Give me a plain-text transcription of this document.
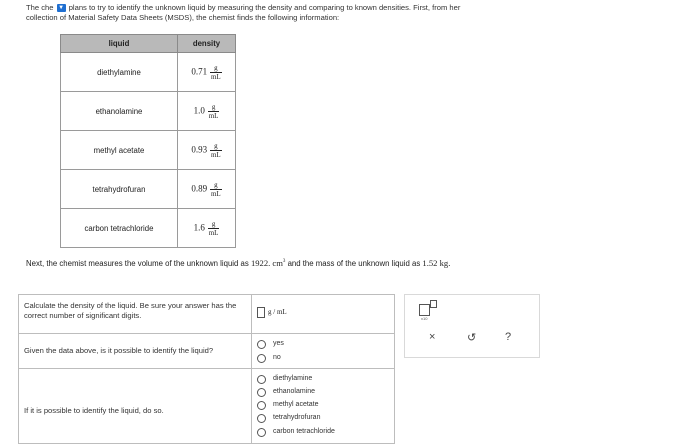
The che ▼ plans to try to identify the unknown liquid by measuring the density and comparing to known densities. First, from her
collection of Material Safety Data Sheets (MSDS), the chemist finds the following information:
liquid	density
diethylamine	$0.71 \frac{g}{mL}$

ethanolamine	$1.0 \frac{g}{mL}$

methyl acetate	$0.93 \frac{g}{mL}$

tetrahydrofuran	$0.89 \frac{g}{mL}$

carbon tetrachloride	$1.6 \frac{g}{mL}$
Next, the chemist measures the volume of the unknown liquid as 1922. $cm^3$ and the mass of the unknown liquid as 1.52 kg.
Calculate the density of the liquid. Be sure your answer has the correct number of significant digits.	g / mL
Given the data above, is it possible to identify the liquid?
yes
no
If it is possible to identify the liquid, do so.
diethylamine
ethanolamine
methyl acetate
tetrahydrofuran
carbon tetrachloride
x10
×	↺	?
